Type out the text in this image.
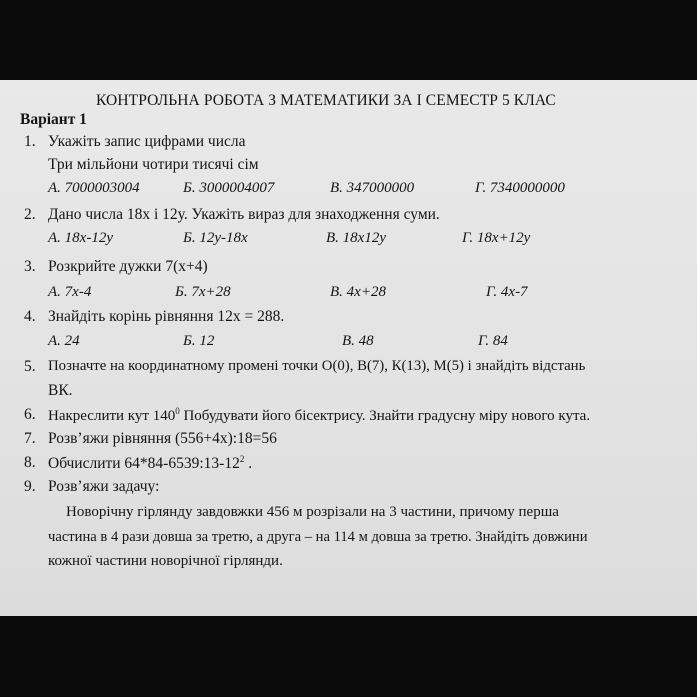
КОНТРОЛЬНА РОБОТА З МАТЕМАТИКИ ЗА І СЕМЕСТР 5 КЛАС
Варіант 1
1. Укажіть запис цифрами числа
Три мільйони чотири тисячі сім
А. 7000003004	Б. 3000004007	В. 347000000	Г. 7340000000
2. Дано числа 18х і 12у. Укажіть вираз для знаходження суми.
А. 18х-12у	Б. 12у-18х	В. 18х12у	Г. 18х+12у
3. Розкрийте дужки 7(х+4)
А. 7х-4	Б. 7х+28	В. 4х+28	Г. 4х-7
4. Знайдіть корінь рівняння 12x = 288.
А. 24	Б. 12	В. 48	Г. 84
5. Позначте на координатному промені точки О(0), В(7), К(13), М(5) і знайдіть відстань
ВК.
6. Накреслити кут $140^0$ Побудувати його бісектрису. Знайти градусну міру нового кута.
7. Розв’яжи рівняння (556+4х):18=56
8. Обчислити $64*84-6539:13-12^2$ .
9. Розв’яжи задачу:
Новорічну гірлянду завдовжки 456 м розрізали на 3 частини, причому перша
частина в 4 рази довша за третю, а друга – на 114 м довша за третю. Знайдіть довжини
кожної частини новорічної гірлянди.
